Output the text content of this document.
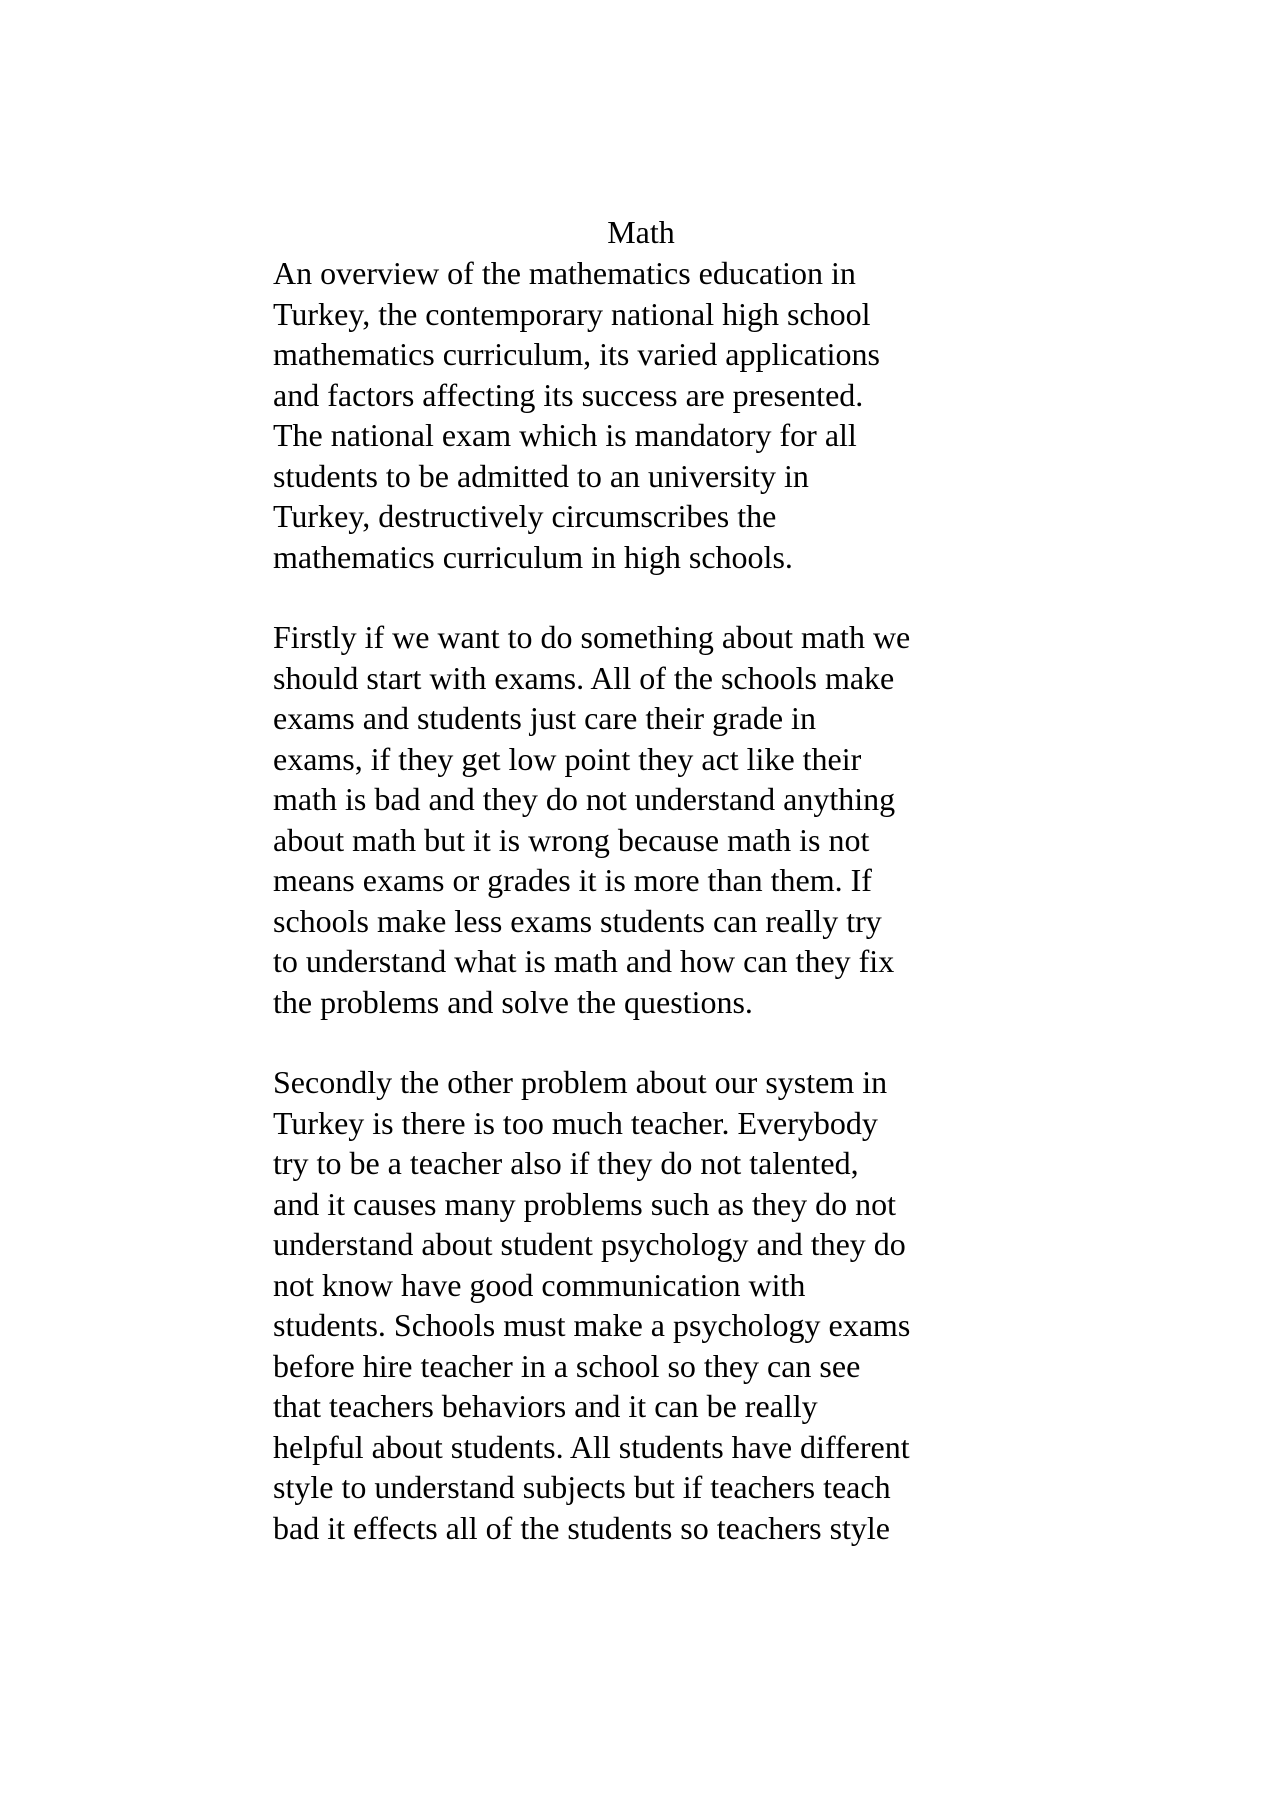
Math
An overview of the mathematics education in
Turkey, the contemporary national high school
mathematics curriculum, its varied applications
and factors affecting its success are presented.
The national exam which is mandatory for all
students to be admitted to an university in
Turkey, destructively circumscribes the
mathematics curriculum in high schools.
Firstly if we want to do something about math we
should start with exams. All of the schools make
exams and students just care their grade in
exams, if they get low point they act like their
math is bad and they do not understand anything
about math but it is wrong because math is not
means exams or grades it is more than them. If
schools make less exams students can really try
to understand what is math and how can they fix
the problems and solve the questions.
Secondly the other problem about our system in
Turkey is there is too much teacher. Everybody
try to be a teacher also if they do not talented,
and it causes many problems such as they do not
understand about student psychology and they do
not know have good communication with
students. Schools must make a psychology exams
before hire teacher in a school so they can see
that teachers behaviors and it can be really
helpful about students. All students have different
style to understand subjects but if teachers teach
bad it effects all of the students so teachers style
